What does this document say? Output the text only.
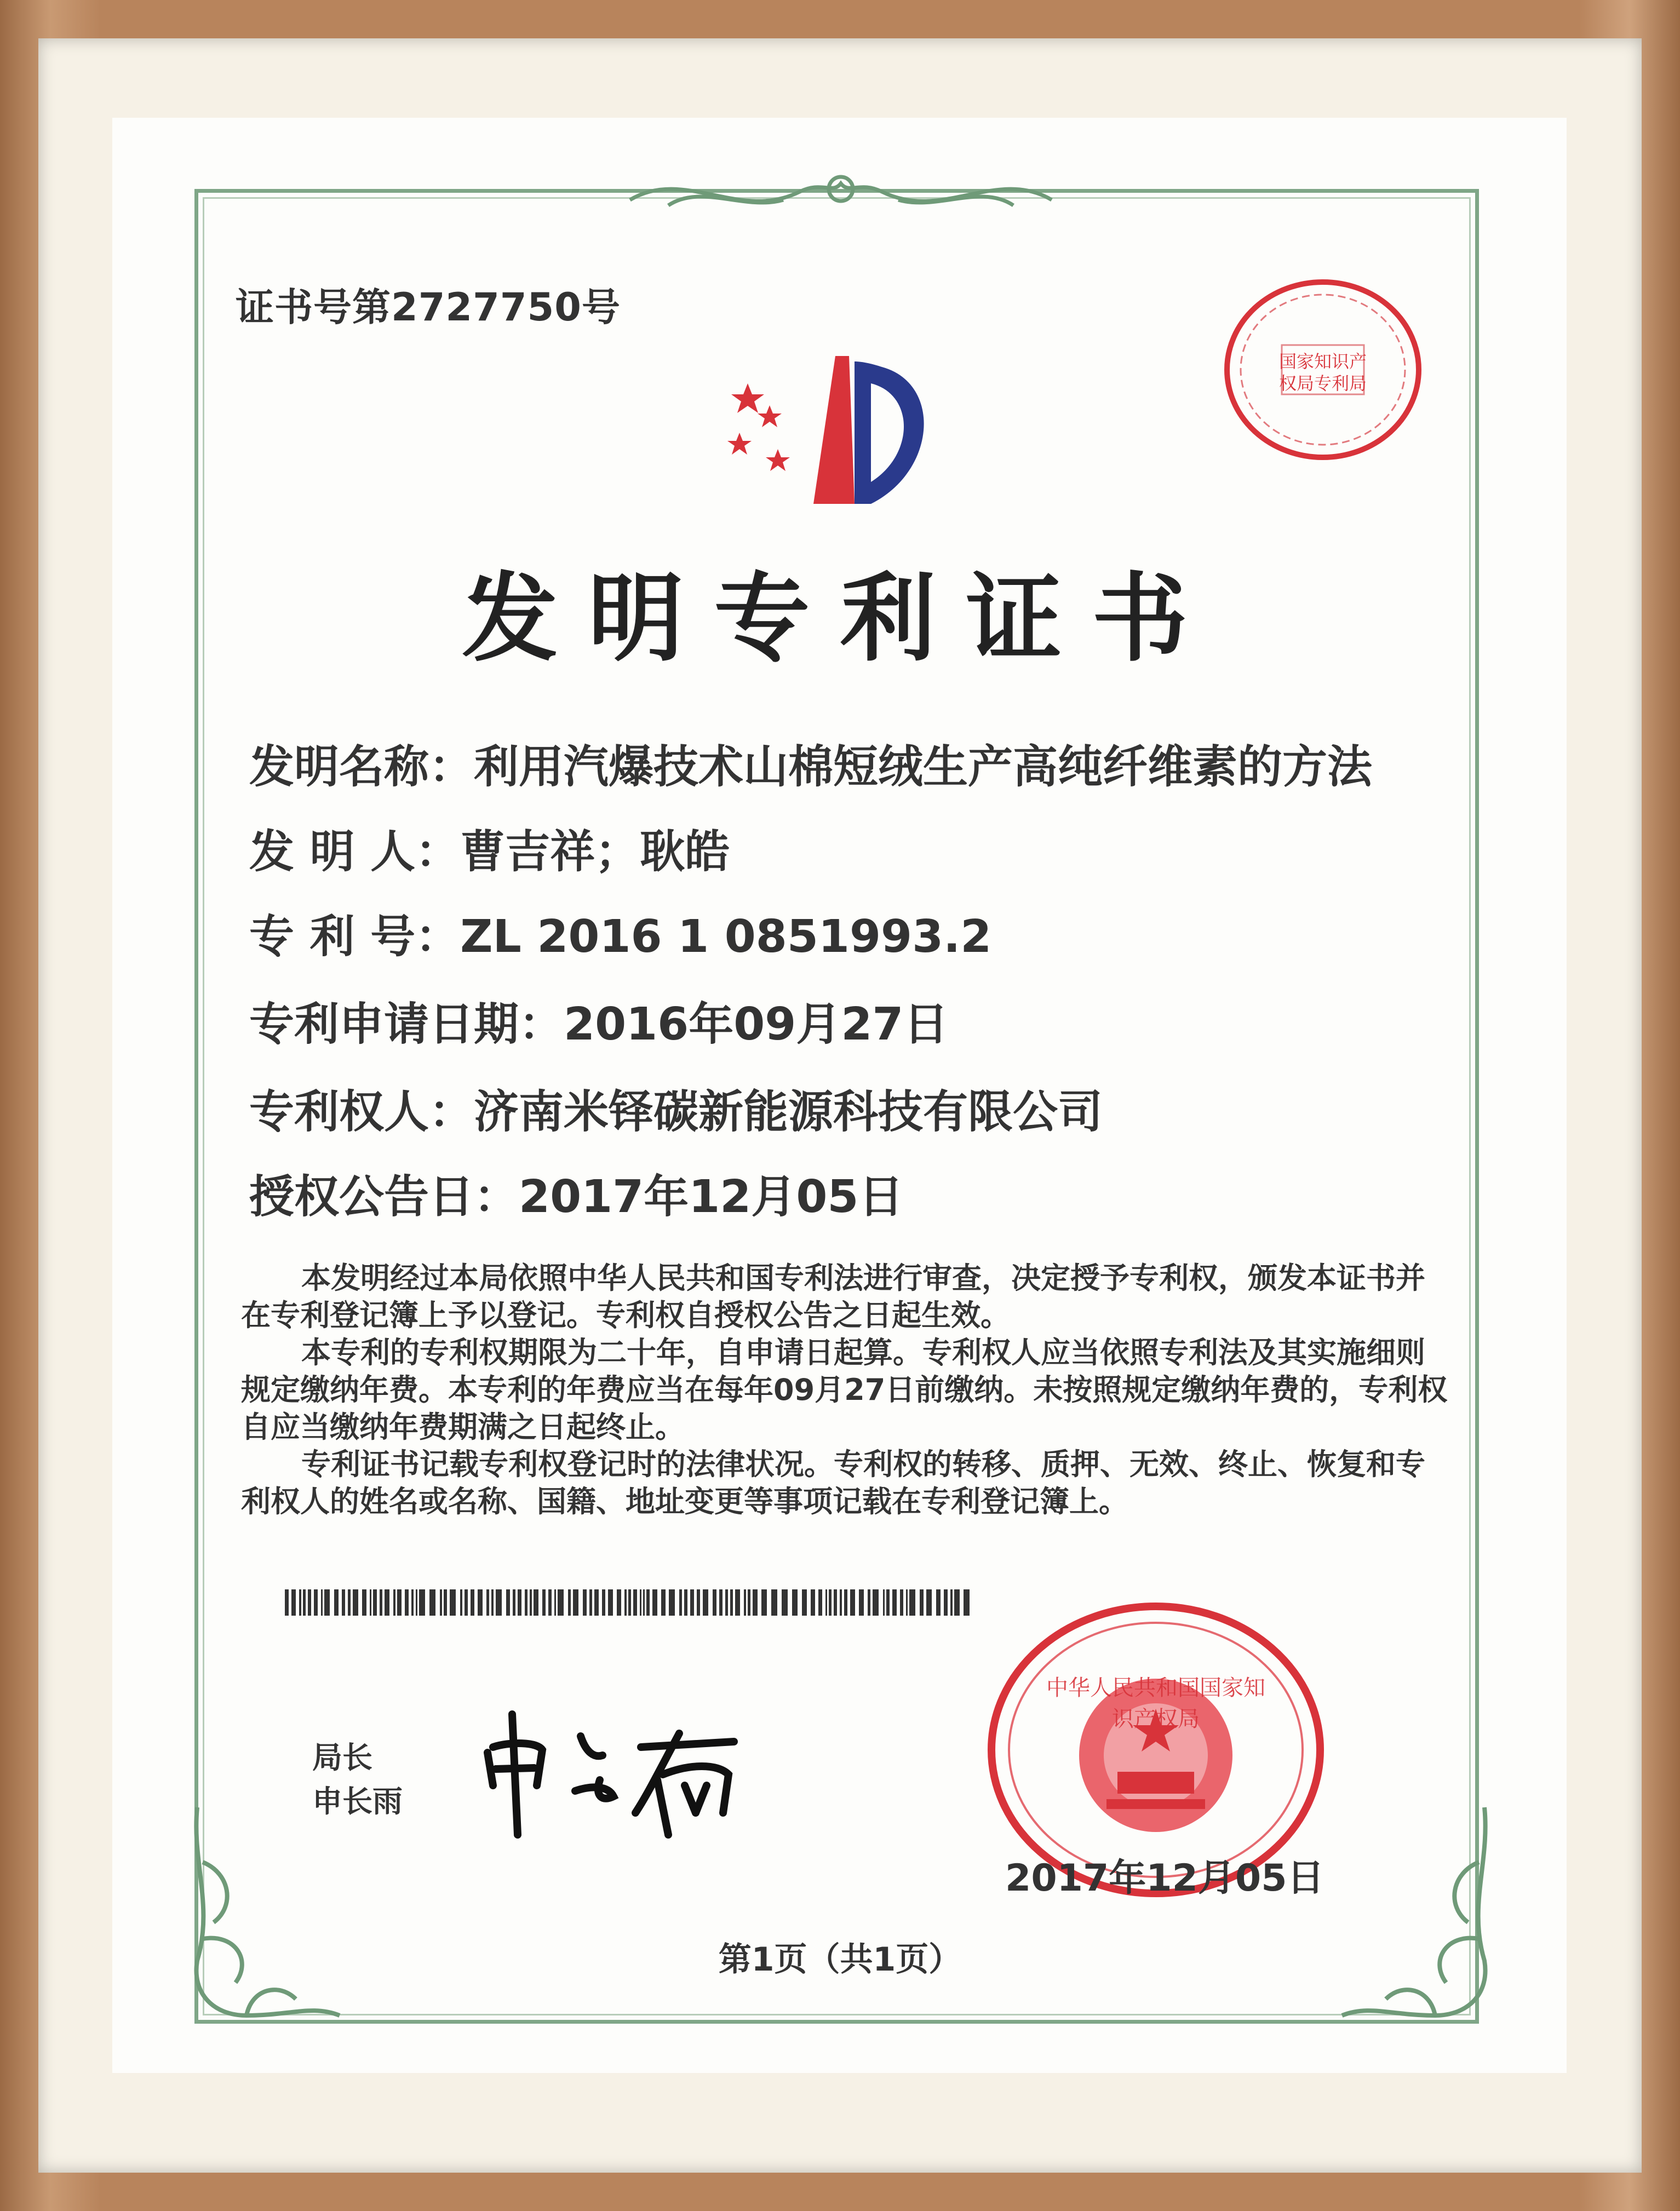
证书号第2727750号
国家知识产权局专利局
发明专利证书
发明名称：利用汽爆技术山棉短绒生产高纯纤维素的方法
发 明 人：曹吉祥；耿皓
专 利 号：ZL 2016 1 0851993.2
专利申请日期：2016年09月27日
专利权人：济南米铎碳新能源科技有限公司
授权公告日：2017年12月05日

本发明经过本局依照中华人民共和国专利法进行审查，决定授予专利权，颁发本证书并在专利登记簿上予以登记。专利权自授权公告之日起生效。

本专利的专利权期限为二十年，自申请日起算。专利权人应当依照专利法及其实施细则规定缴纳年费。本专利的年费应当在每年09月27日前缴纳。未按照规定缴纳年费的，专利权自应当缴纳年费期满之日起终止。

专利证书记载专利权登记时的法律状况。专利权的转移、质押、无效、终止、恢复和专利权人的姓名或名称、国籍、地址变更等事项记载在专利登记簿上。

局长
申长雨
中华人民共和国国家知识产权局
2017年12月05日
第1页（共1页）
